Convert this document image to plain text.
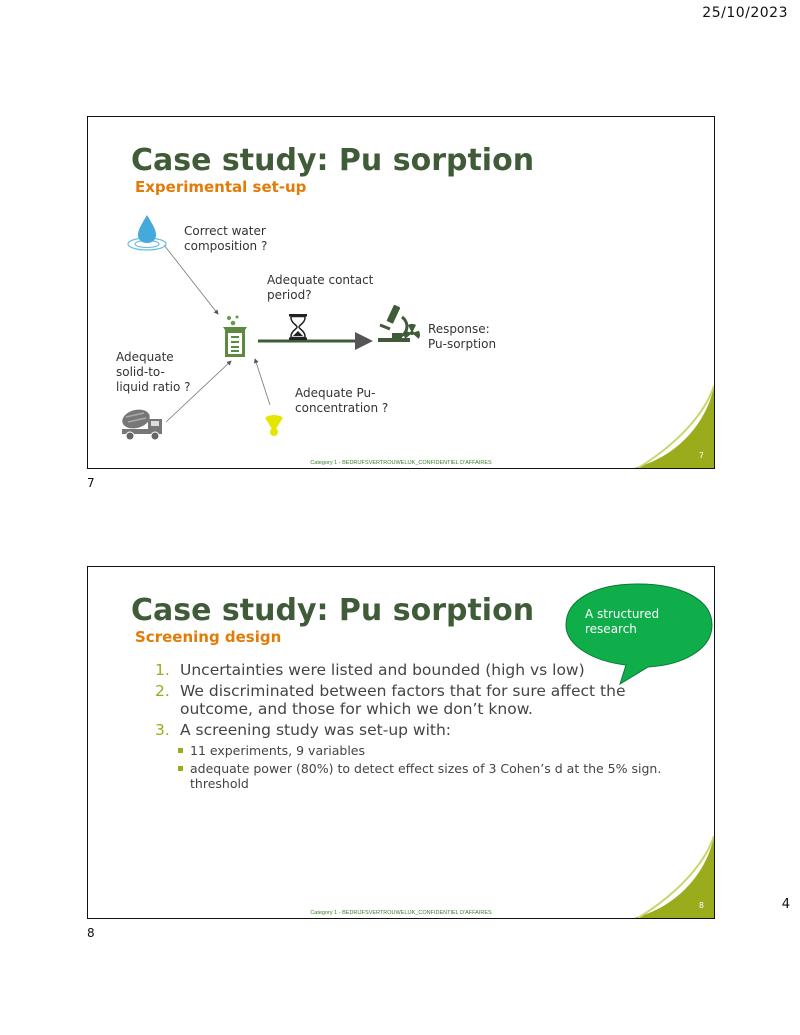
25/10/2023
Case study: Pu sorption
Experimental set-up
Correct water composition ?
Adequate contact period?
Response: Pu-sorption
Adequate solid-to-liquid ratio ?	Adequate Pu-concentration ?
7
Category 1 - BEDRIJFSVERTROUWELIJK_CONFIDENTIEL D'AFFAIRES
7
Case study: Pu sorption
Screening design
A structured research
1. Uncertainties were listed and bounded (high vs low)
2. We discriminated between factors that for sure affect the outcome, and those for which we don’t know.
3. A screening study was set-up with:
11 experiments, 9 variables
adequate power (80%) to detect effect sizes of 3 Cohen’s d at the 5% sign. threshold
8
Category 1 - BEDRIJFSVERTROUWELIJK_CONFIDENTIEL D'AFFAIRES
8
4
